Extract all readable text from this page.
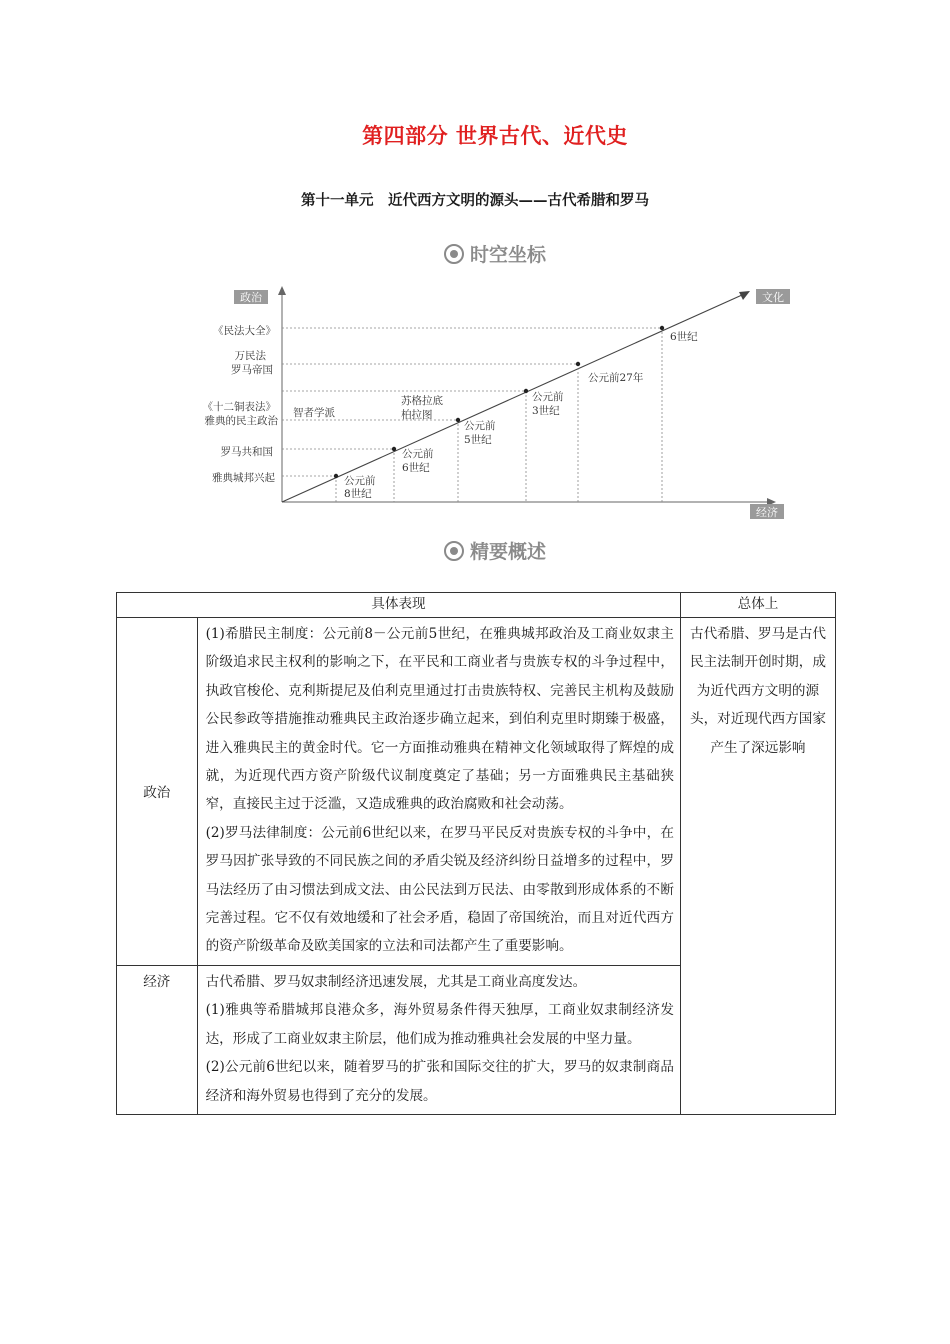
第四部分 世界古代、近代史
第十一单元　近代西方文明的源头——古代希腊和罗马
时空坐标
政治	文化
经济
《民法大全》
万民法
罗马帝国
《十二铜表法》
雅典的民主政治
罗马共和国
雅典城邦兴起
智者学派
苏格拉底
柏拉图
公元前
8世纪
公元前
6世纪
公元前
5世纪
公元前
3世纪
公元前27年
6世纪
精要概述
具体表现		总体上
政治	(1)希腊民主制度：公元前8－公元前5世纪，在雅典城邦政治及工商业奴隶主阶级追求民主权利的影响之下，在平民和工商业者与贵族专权的斗争过程中，执政官梭伦、克利斯提尼及伯利克里通过打击贵族特权、完善民主机构及鼓励公民参政等措施推动雅典民主政治逐步确立起来，到伯利克里时期臻于极盛，进入雅典民主的黄金时代。它一方面推动雅典在精神文化领域取得了辉煌的成就，为近现代西方资产阶级代议制度奠定了基础；另一方面雅典民主基础狭窄，直接民主过于泛滥，又造成雅典的政治腐败和社会动荡。

(2)罗马法律制度：公元前6世纪以来，在罗马平民反对贵族专权的斗争中，在罗马因扩张导致的不同民族之间的矛盾尖锐及经济纠纷日益增多的过程中，罗马法经历了由习惯法到成文法、由公民法到万民法、由零散到形成体系的不断完善过程。它不仅有效地缓和了社会矛盾，稳固了帝国统治，而且对近代西方的资产阶级革命及欧美国家的立法和司法都产生了重要影响。	古代希腊、罗马是古代民主法制开创时期，成为近代西方文明的源头，对近现代西方国家产生了深远影响
经济	古代希腊、罗马奴隶制经济迅速发展，尤其是工商业高度发达。

(1)雅典等希腊城邦良港众多，海外贸易条件得天独厚，工商业奴隶制经济发达，形成了工商业奴隶主阶层，他们成为推动雅典社会发展的中坚力量。

(2)公元前6世纪以来，随着罗马的扩张和国际交往的扩大，罗马的奴隶制商品经济和海外贸易也得到了充分的发展。	
